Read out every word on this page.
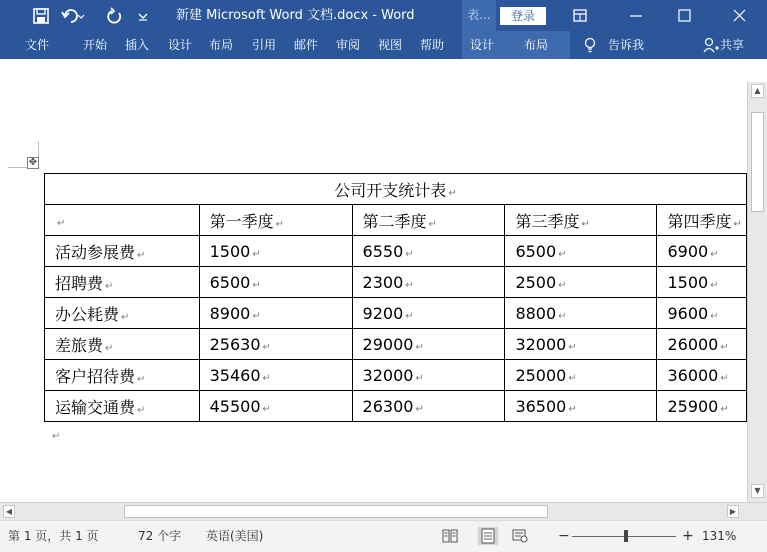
新建 Microsoft Word 文档.docx - Word	表...	登录
文件	开始 插入 设计 布局 引用 邮件 审阅 视图 帮助 设计 布局	告诉我	共享
✥
公司开支统计表 ↵				
↵	第一季度 ↵	第二季度 ↵	第三季度 ↵	第四季度 ↵
活动参展费 ↵	1500 ↵	6550 ↵	6500 ↵	6900 ↵
招聘费 ↵	6500 ↵	2300 ↵	2500 ↵	1500 ↵
办公耗费 ↵	8900 ↵	9200 ↵	8800 ↵	9600 ↵
差旅费 ↵	25630 ↵	29000 ↵	32000 ↵	26000 ↵
客户招待费 ↵	35460 ↵	32000 ↵	25000 ↵	36000 ↵
运输交通费 ↵	45500 ↵	26300 ↵	36500 ↵	25900 ↵
↵
▲
▼
◀	▶
第 1 页，共 1 页	72 个字 英语(美国)	−	+ 131%
